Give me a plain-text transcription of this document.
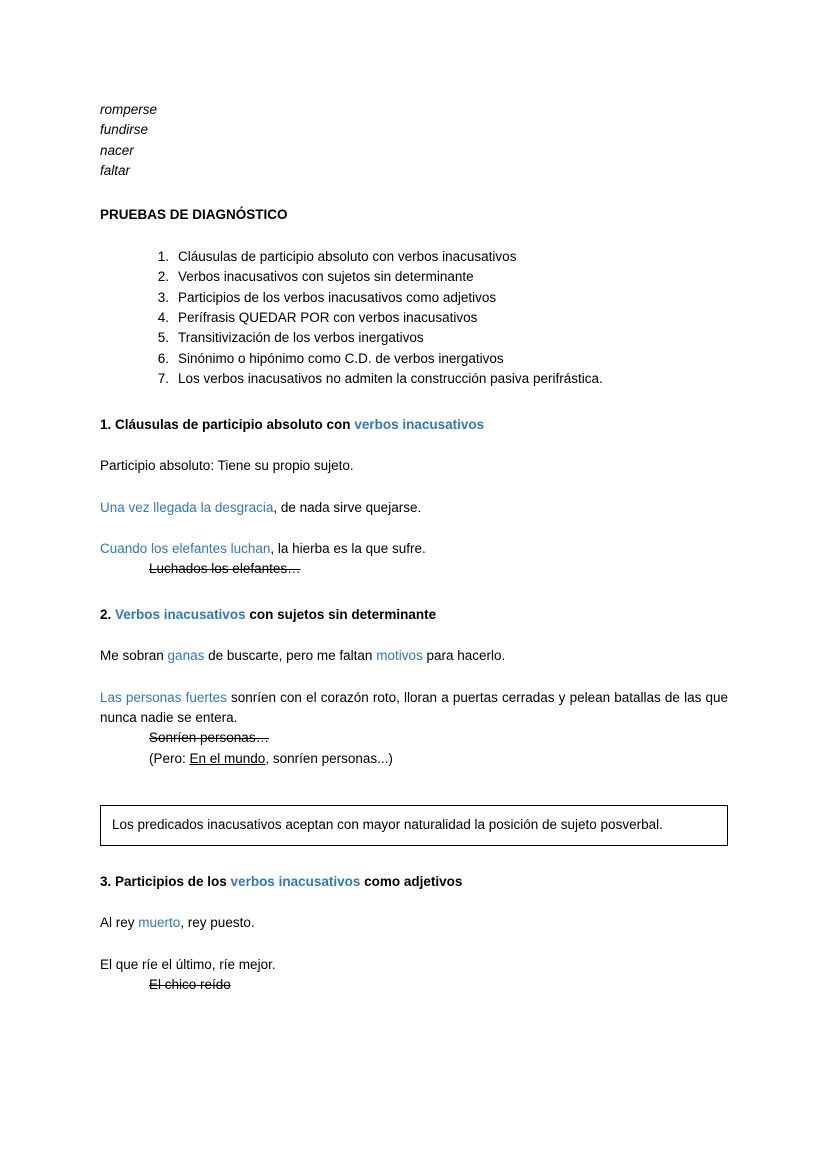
romperse
fundirse
nacer
faltar
PRUEBAS DE DIAGNÓSTICO
Cláusulas de participio absoluto con verbos inacusativos
Verbos inacusativos con sujetos sin determinante
Participios de los verbos inacusativos como adjetivos
Perífrasis QUEDAR POR con verbos inacusativos
Transitivización de los verbos inergativos
Sinónimo o hipónimo como C.D. de verbos inergativos
Los verbos inacusativos no admiten la construcción pasiva perifrástica.
1. Cláusulas de participio absoluto con verbos inacusativos

Participio absoluto: Tiene su propio sujeto.

Una vez llegada la desgracia, de nada sirve quejarse.

Cuando los elefantes luchan, la hierba es la que sufre.

Luchados los elefantes…
2. Verbos inacusativos con sujetos sin determinante

Me sobran ganas de buscarte, pero me faltan motivos para hacerlo.

Las personas fuertes sonríen con el corazón roto, lloran a puertas cerradas y pelean batallas de las que nunca nadie se entera.

Sonríen personas…
(Pero: En el mundo, sonríen personas...)

Los predicados inacusativos aceptan con mayor naturalidad la posición de sujeto posverbal.

3. Participios de los verbos inacusativos como adjetivos

Al rey muerto, rey puesto.

El que ríe el último, ríe mejor.

El chico reído
